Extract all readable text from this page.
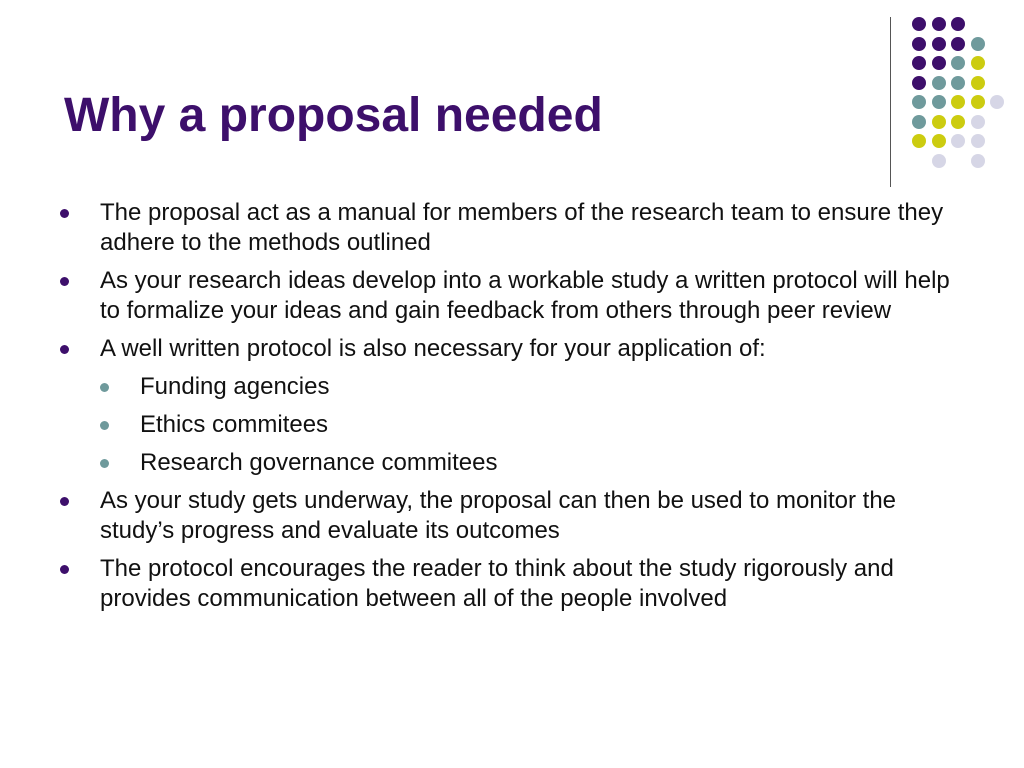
Why a proposal needed
The proposal act as a manual for members of the research team to ensure they adhere to the methods outlined
As your research ideas develop into a workable study a written protocol will help to formalize your ideas and gain feedback from others through peer review
A well written protocol is also necessary for your application of:
Funding agencies
Ethics commitees
Research governance commitees
As your study gets underway, the proposal can then be used to monitor the study’s progress and evaluate its outcomes
The protocol encourages the reader to think about the study rigorously and provides communication between all of the people involved
